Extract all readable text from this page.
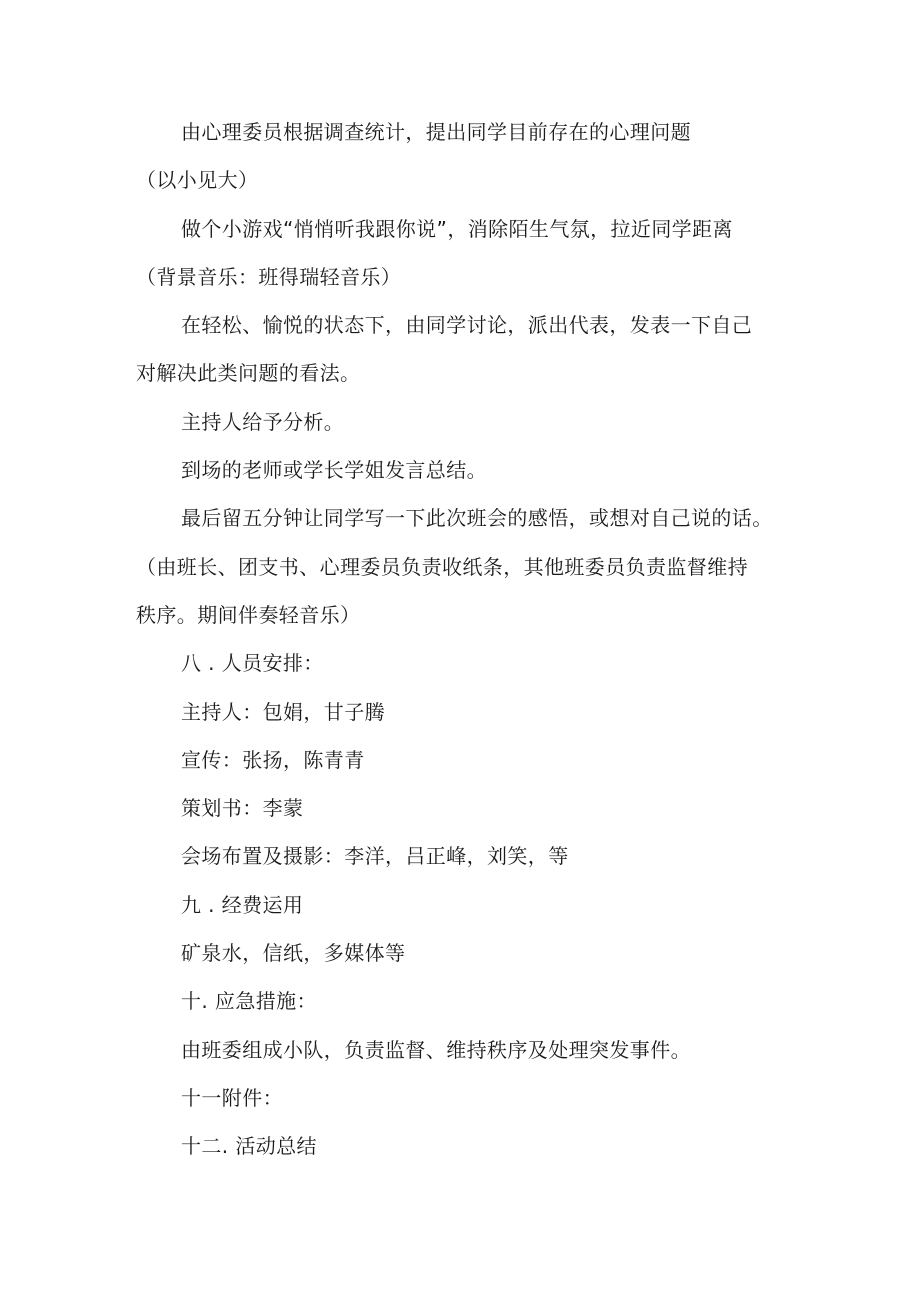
由心理委员根据调查统计，提出同学目前存在的心理问题
（以小见大）
做个小游戏“悄悄听我跟你说”，消除陌生气氛，拉近同学距离
（背景音乐：班得瑞轻音乐）
在轻松、愉悦的状态下，由同学讨论，派出代表，发表一下自己
对解决此类问题的看法。
主持人给予分析。
到场的老师或学长学姐发言总结。
最后留五分钟让同学写一下此次班会的感悟，或想对自己说的话。
（由班长、团支书、心理委员负责收纸条，其他班委员负责监督维持
秩序。期间伴奏轻音乐）
八 . 人员安排：
主持人：包娟，甘子腾
宣传：张扬，陈青青
策划书：李蒙
会场布置及摄影：李洋，吕正峰，刘笑，等
九 . 经费运用
矿泉水，信纸，多媒体等
十. 应急措施：
由班委组成小队，负责监督、维持秩序及处理突发事件。
十一附件：
十二. 活动总结
